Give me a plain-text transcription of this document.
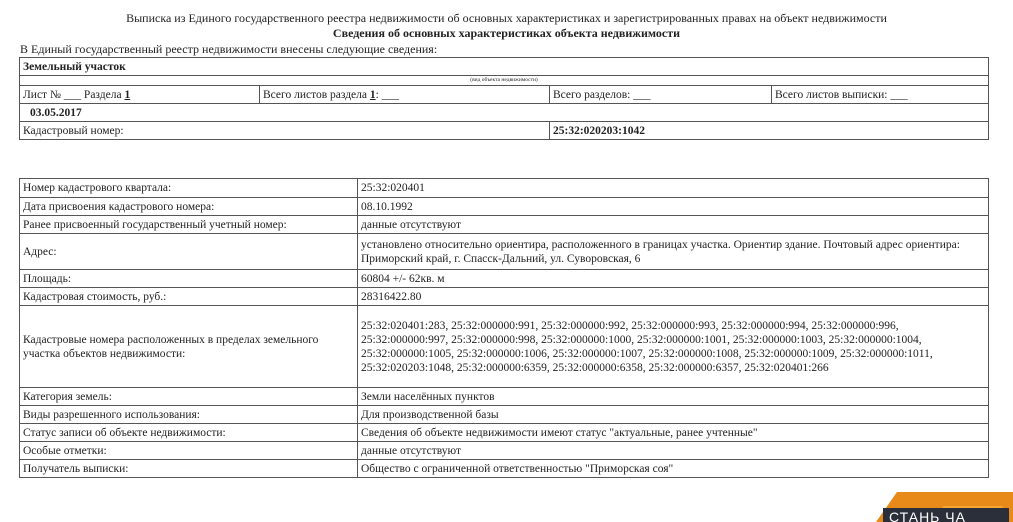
Выписка из Единого государственного реестра недвижимости об основных характеристиках и зарегистрированных правах на объект недвижимости
Сведения об основных характеристиках объекта недвижимости
В Единый государственный реестр недвижимости внесены следующие сведения:
Земельный участок			
(вид объекта недвижимости)			
Лист № ___ Раздела 1	Всего листов раздела 1: ___	Всего разделов: ___	Всего листов выписки: ___
03.05.2017			
Кадастровый номер:		25:32:020203:1042	
Номер кадастрового квартала:	25:32:020401
Дата присвоения кадастрового номера:	08.10.1992
Ранее присвоенный государственный учетный номер:	данные отсутствуют
Адрес:	установлено относительно ориентира, расположенного в границах участка. Ориентир здание. Почтовый адрес ориентира: Приморский край, г. Спасск-Дальний, ул. Суворовская, 6
Площадь:	60804 +/- 62кв. м
Кадастровая стоимость, руб.:	28316422.80
Кадастровые номера расположенных в пределах земельного участка объектов недвижимости:	25:32:020401:283, 25:32:000000:991, 25:32:000000:992, 25:32:000000:993, 25:32:000000:994, 25:32:000000:996, 25:32:000000:997, 25:32:000000:998, 25:32:000000:1000, 25:32:000000:1001, 25:32:000000:1003, 25:32:000000:1004, 25:32:000000:1005, 25:32:000000:1006, 25:32:000000:1007, 25:32:000000:1008, 25:32:000000:1009, 25:32:000000:1011, 25:32:020203:1048, 25:32:000000:6359, 25:32:000000:6358, 25:32:000000:6357, 25:32:020401:266
Категория земель:	Земли населённых пунктов
Виды разрешенного использования:	Для производственной базы
Статус записи об объекте недвижимости:	Сведения об объекте недвижимости имеют статус "актуальные, ранее учтенные"
Особые отметки:	данные отсутствуют
Получатель выписки:	Общество с ограниченной ответственностью "Приморская соя"
СТАНЬ ЧА
